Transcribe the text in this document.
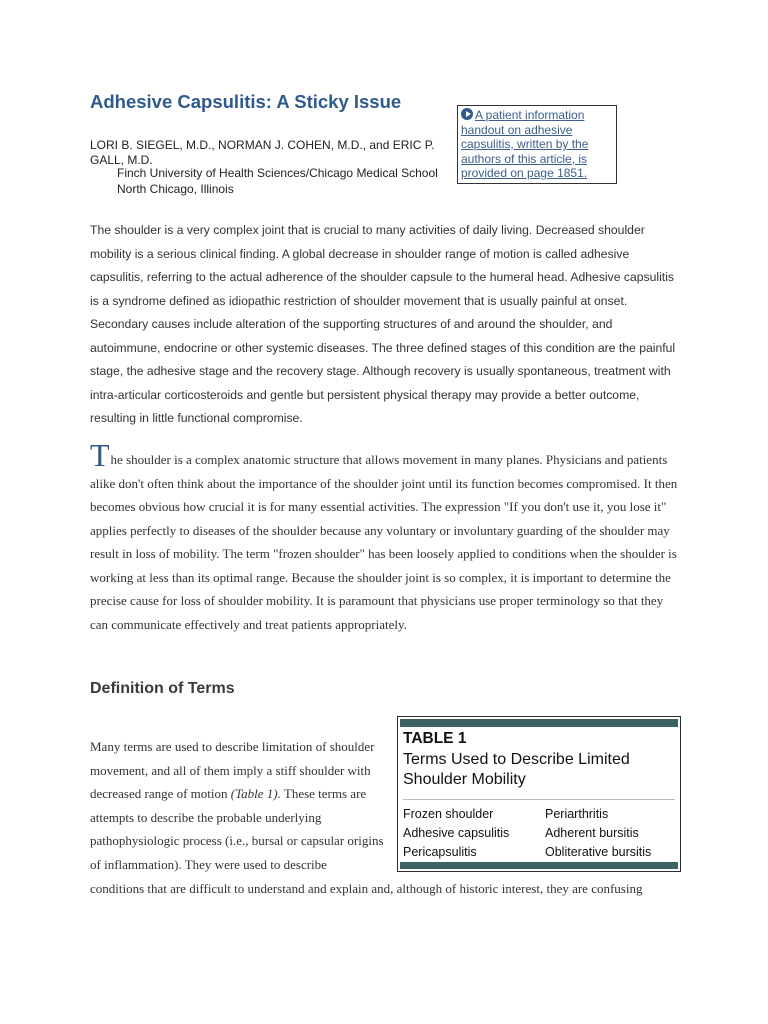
Adhesive Capsulitis: A Sticky Issue
LORI B. SIEGEL, M.D., NORMAN J. COHEN, M.D., and ERIC P. GALL, M.D.
Finch University of Health Sciences/Chicago Medical School
North Chicago, Illinois
A patient information handout on adhesive capsulitis, written by the authors of this article, is provided on page 1851.

The shoulder is a very complex joint that is crucial to many activities of daily living. Decreased shoulder mobility is a serious clinical finding. A global decrease in shoulder range of motion is called adhesive capsulitis, referring to the actual adherence of the shoulder capsule to the humeral head. Adhesive capsulitis is a syndrome defined as idiopathic restriction of shoulder movement that is usually painful at onset. Secondary causes include alteration of the supporting structures of and around the shoulder, and autoimmune, endocrine or other systemic diseases. The three defined stages of this condition are the painful stage, the adhesive stage and the recovery stage. Although recovery is usually spontaneous, treatment with intra-articular corticosteroids and gentle but persistent physical therapy may provide a better outcome, resulting in little functional compromise.

The shoulder is a complex anatomic structure that allows movement in many planes. Physicians and patients alike don't often think about the importance of the shoulder joint until its function becomes compromised. It then becomes obvious how crucial it is for many essential activities. The expression "If you don't use it, you lose it" applies perfectly to diseases of the shoulder because any voluntary or involuntary guarding of the shoulder may result in loss of mobility. The term "frozen shoulder" has been loosely applied to conditions when the shoulder is working at less than its optimal range. Because the shoulder joint is so complex, it is important to determine the precise cause for loss of shoulder mobility. It is paramount that physicians use proper terminology so that they can communicate effectively and treat patients appropriately.

Definition of Terms

Many terms are used to describe limitation of shoulder movement, and all of them imply a stiff shoulder with decreased range of motion (Table 1). These terms are attempts to describe the probable underlying pathophysiologic process (i.e., bursal or capsular origins of inflammation). They were used to describe

conditions that are difficult to understand and explain and, although of historic interest, they are confusing

TABLE 1
Terms Used to Describe Limited Shoulder Mobility
Frozen shoulder	Periarthritis
Adhesive capsulitis	Adherent bursitis
Pericapsulitis	Obliterative bursitis
